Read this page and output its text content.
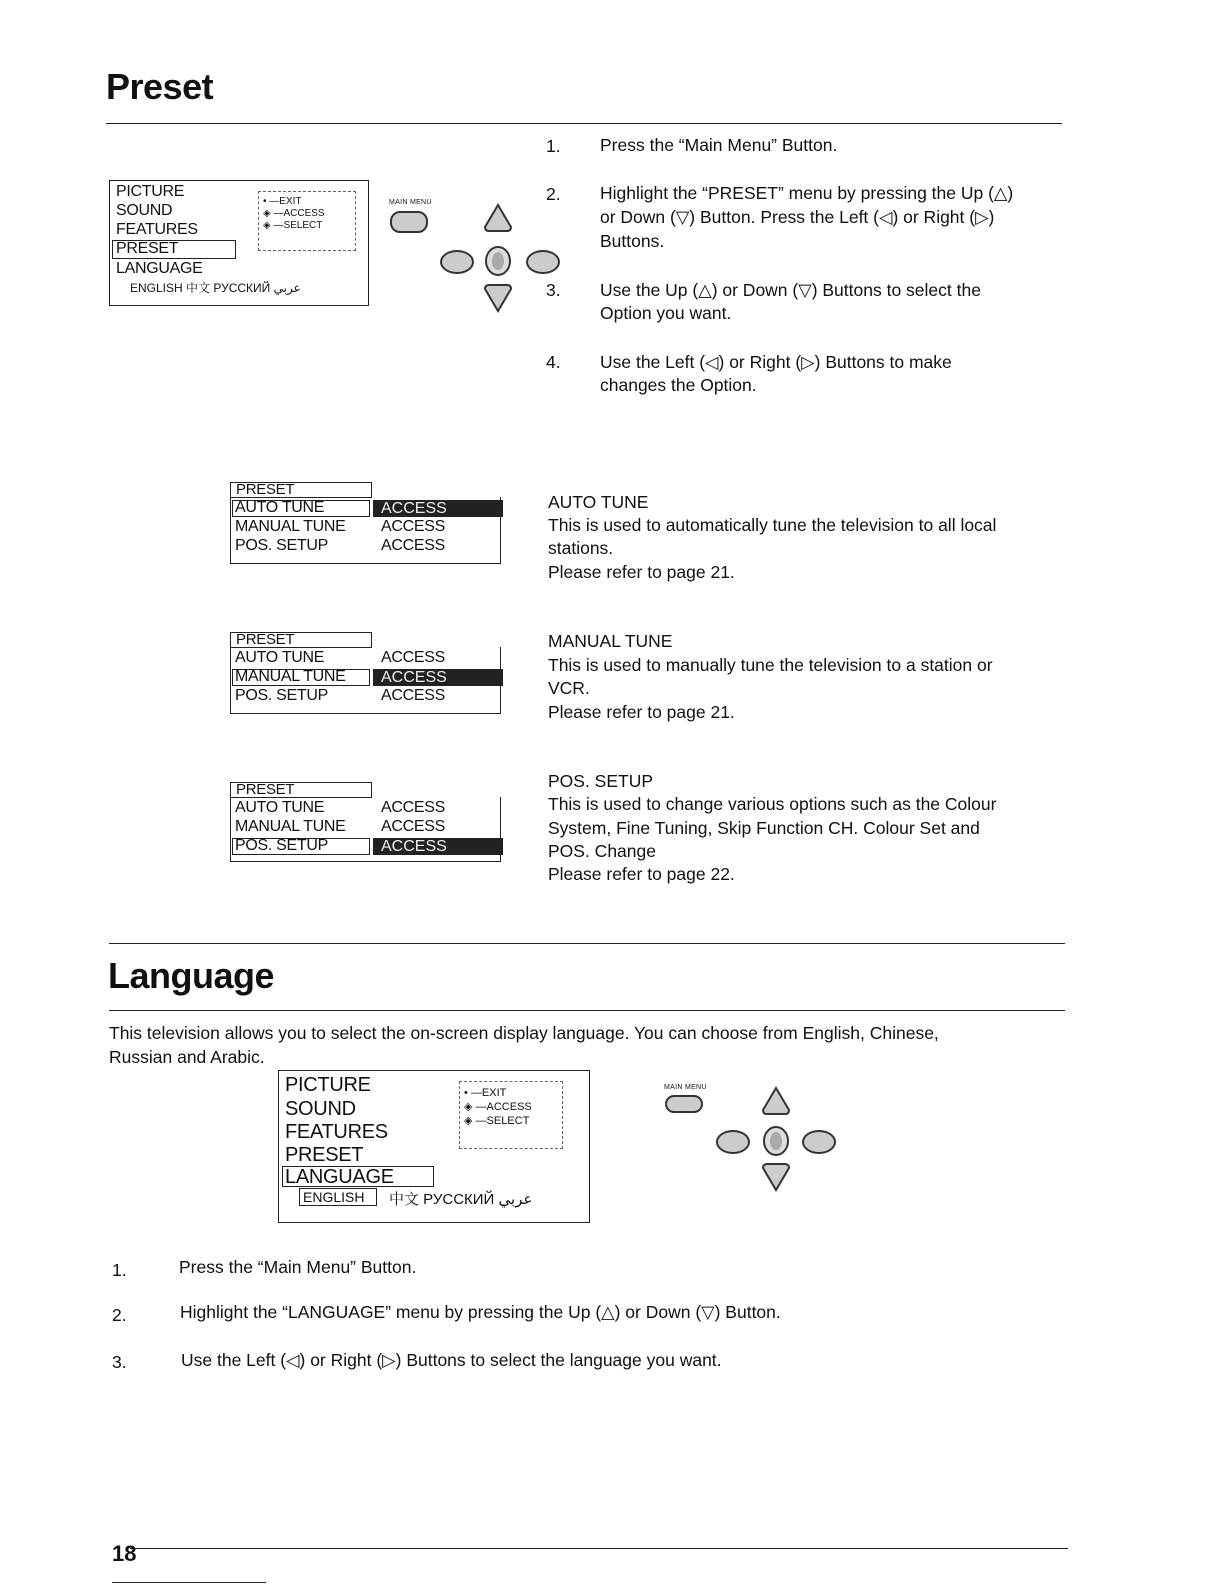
Preset
PICTURE
SOUND
FEATURES
PRESET
LANGUAGE
ENGLISH 中文 РУССКИЙ عربي
• —EXIT
◈ —ACCESS
◈ —SELECT
MAIN MENU
1. Press the “Main Menu” Button.
2. Highlight the “PRESET” menu by pressing the Up (△)
or Down (▽) Button. Press the Left (◁) or Right (▷)
Buttons.
3. Use the Up (△) or Down (▽) Buttons to select the
Option you want.
4. Use the Left (◁) or Right (▷) Buttons to make
changes the Option.
PRESET
AUTO TUNE	ACCESS
MANUAL TUNE ACCESS
POS. SETUP	ACCESS
PRESET
AUTO TUNE	ACCESS
MANUAL TUNE	ACCESS
POS. SETUP	ACCESS
PRESET
AUTO TUNE	ACCESS
MANUAL TUNE ACCESS
POS. SETUP	ACCESS
AUTO TUNE
This is used to automatically tune the television to all local
stations.
Please refer to page 21.
MANUAL TUNE
This is used to manually tune the television to a station or
VCR.
Please refer to page 21.
POS. SETUP
This is used to change various options such as the Colour
System, Fine Tuning, Skip Function CH. Colour Set and
POS. Change
Please refer to page 22.
Language
This television allows you to select the on-screen display language. You can choose from English, Chinese,
Russian and Arabic.
PICTURE
SOUND
FEATURES
PRESET
LANGUAGE
ENGLISH 中文 РУССКИЙ عربي
• —EXIT
◈ —ACCESS
◈ —SELECT
MAIN MENU
1.	Press the “Main Menu” Button.
2.	Highlight the “LANGUAGE” menu by pressing the Up (△) or Down (▽) Button.
3.	Use the Left (◁) or Right (▷) Buttons to select the language you want.
18
